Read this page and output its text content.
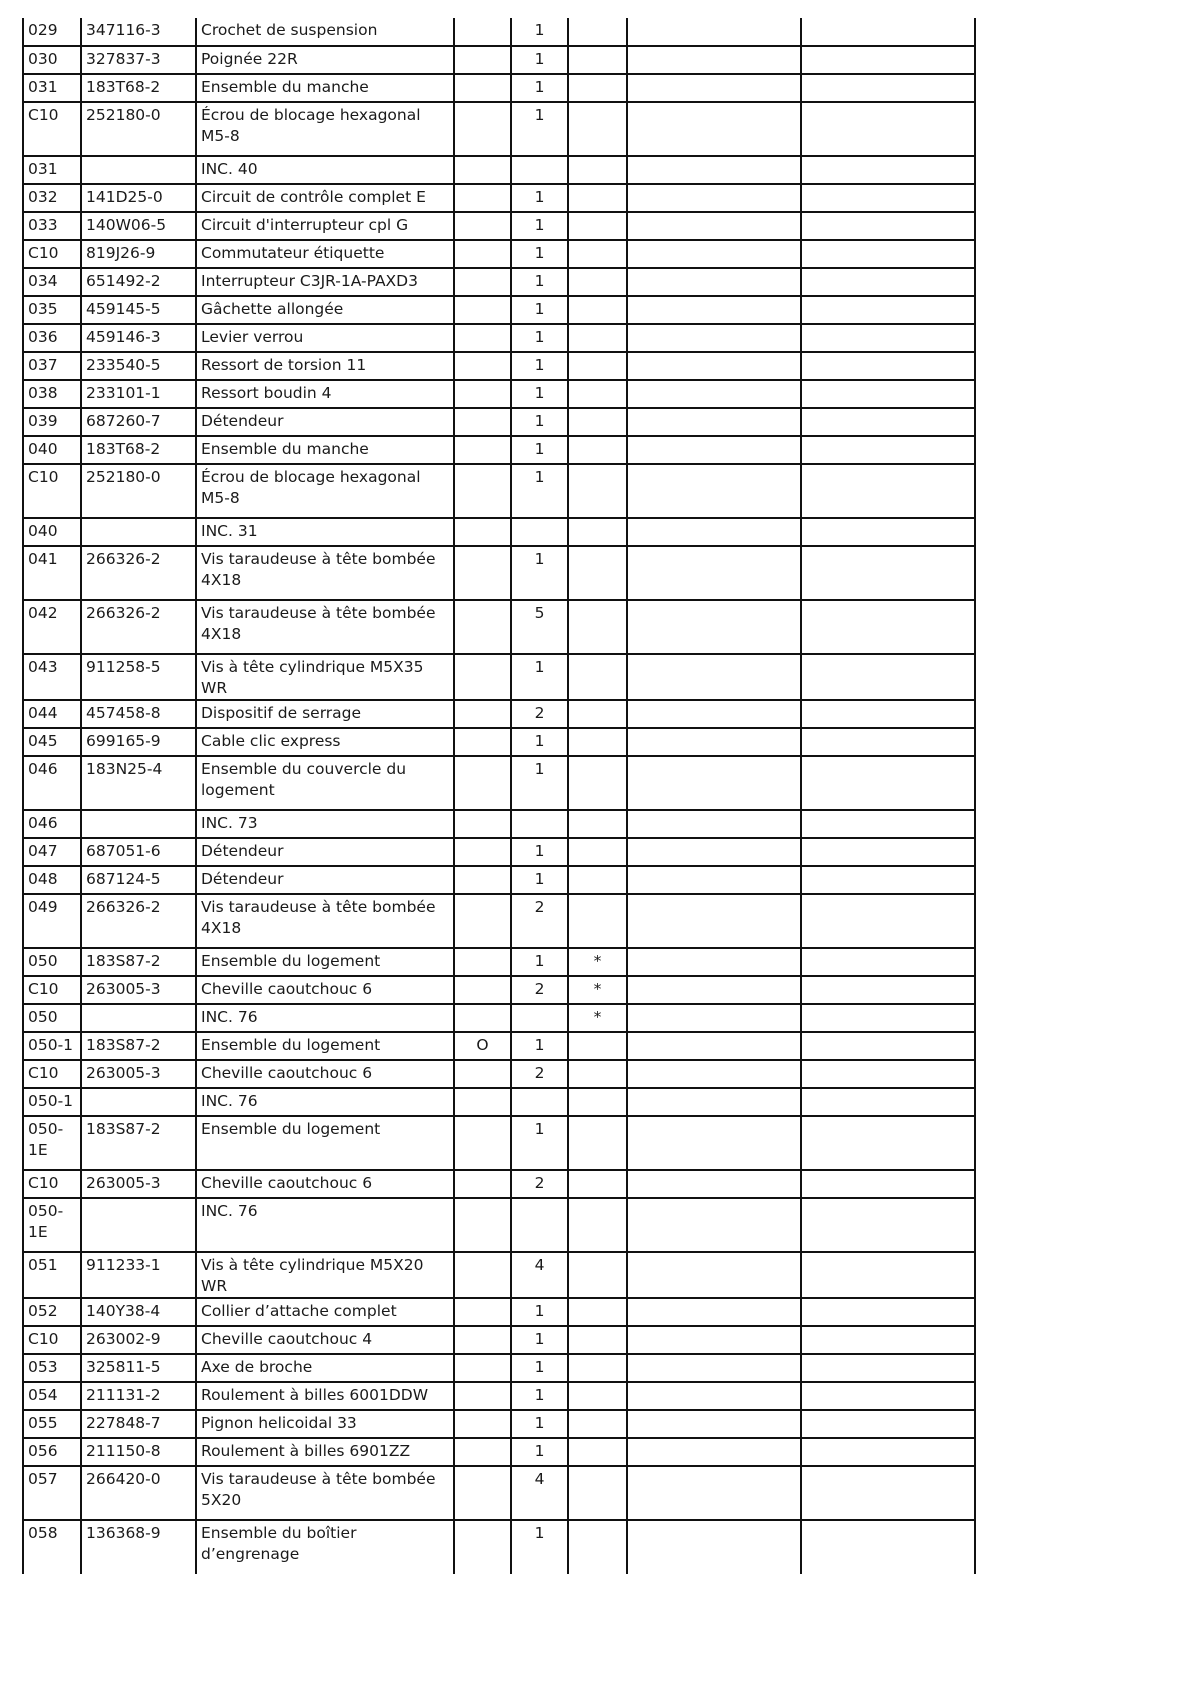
029	347116-3	Crochet de suspension		1			
030	327837-3	Poignée 22R		1			
031	183T68-2	Ensemble du manche		1			
C10	252180-0	Écrou de blocage hexagonal M5-8		1			
031		INC. 40					
032	141D25-0	Circuit de contrôle complet E		1			
033	140W06-5	Circuit d'interrupteur cpl G		1			
C10	819J26-9	Commutateur étiquette		1			
034	651492-2	Interrupteur C3JR-1A-PAXD3		1			
035	459145-5	Gâchette allongée		1			
036	459146-3	Levier verrou		1			
037	233540-5	Ressort de torsion 11		1			
038	233101-1	Ressort boudin 4		1			
039	687260-7	Détendeur		1			
040	183T68-2	Ensemble du manche		1			
C10	252180-0	Écrou de blocage hexagonal M5-8		1			
040		INC. 31					
041	266326-2	Vis taraudeuse à tête bombée 4X18		1			
042	266326-2	Vis taraudeuse à tête bombée 4X18		5			
043	911258-5	Vis à tête cylindrique M5X35 WR		1			
044	457458-8	Dispositif de serrage		2			
045	699165-9	Cable clic express		1			
046	183N25-4	Ensemble du couvercle du logement		1			
046		INC. 73					
047	687051-6	Détendeur		1			
048	687124-5	Détendeur		1			
049	266326-2	Vis taraudeuse à tête bombée 4X18		2			
050	183S87-2	Ensemble du logement		1	*		
C10	263005-3	Cheville caoutchouc 6		2	*		
050		INC. 76			*		
050-1	183S87-2	Ensemble du logement	O	1			
C10	263005-3	Cheville caoutchouc 6		2			
050-1		INC. 76					
050-1E	183S87-2	Ensemble du logement		1			
C10	263005-3	Cheville caoutchouc 6		2			
050-1E		INC. 76					
051	911233-1	Vis à tête cylindrique M5X20 WR		4			
052	140Y38-4	Collier d’attache complet		1			
C10	263002-9	Cheville caoutchouc 4		1			
053	325811-5	Axe de broche		1			
054	211131-2	Roulement à billes 6001DDW		1			
055	227848-7	Pignon helicoidal 33		1			
056	211150-8	Roulement à billes 6901ZZ		1			
057	266420-0	Vis taraudeuse à tête bombée 5X20		4			
058	136368-9	Ensemble du boîtier d’engrenage		1			
